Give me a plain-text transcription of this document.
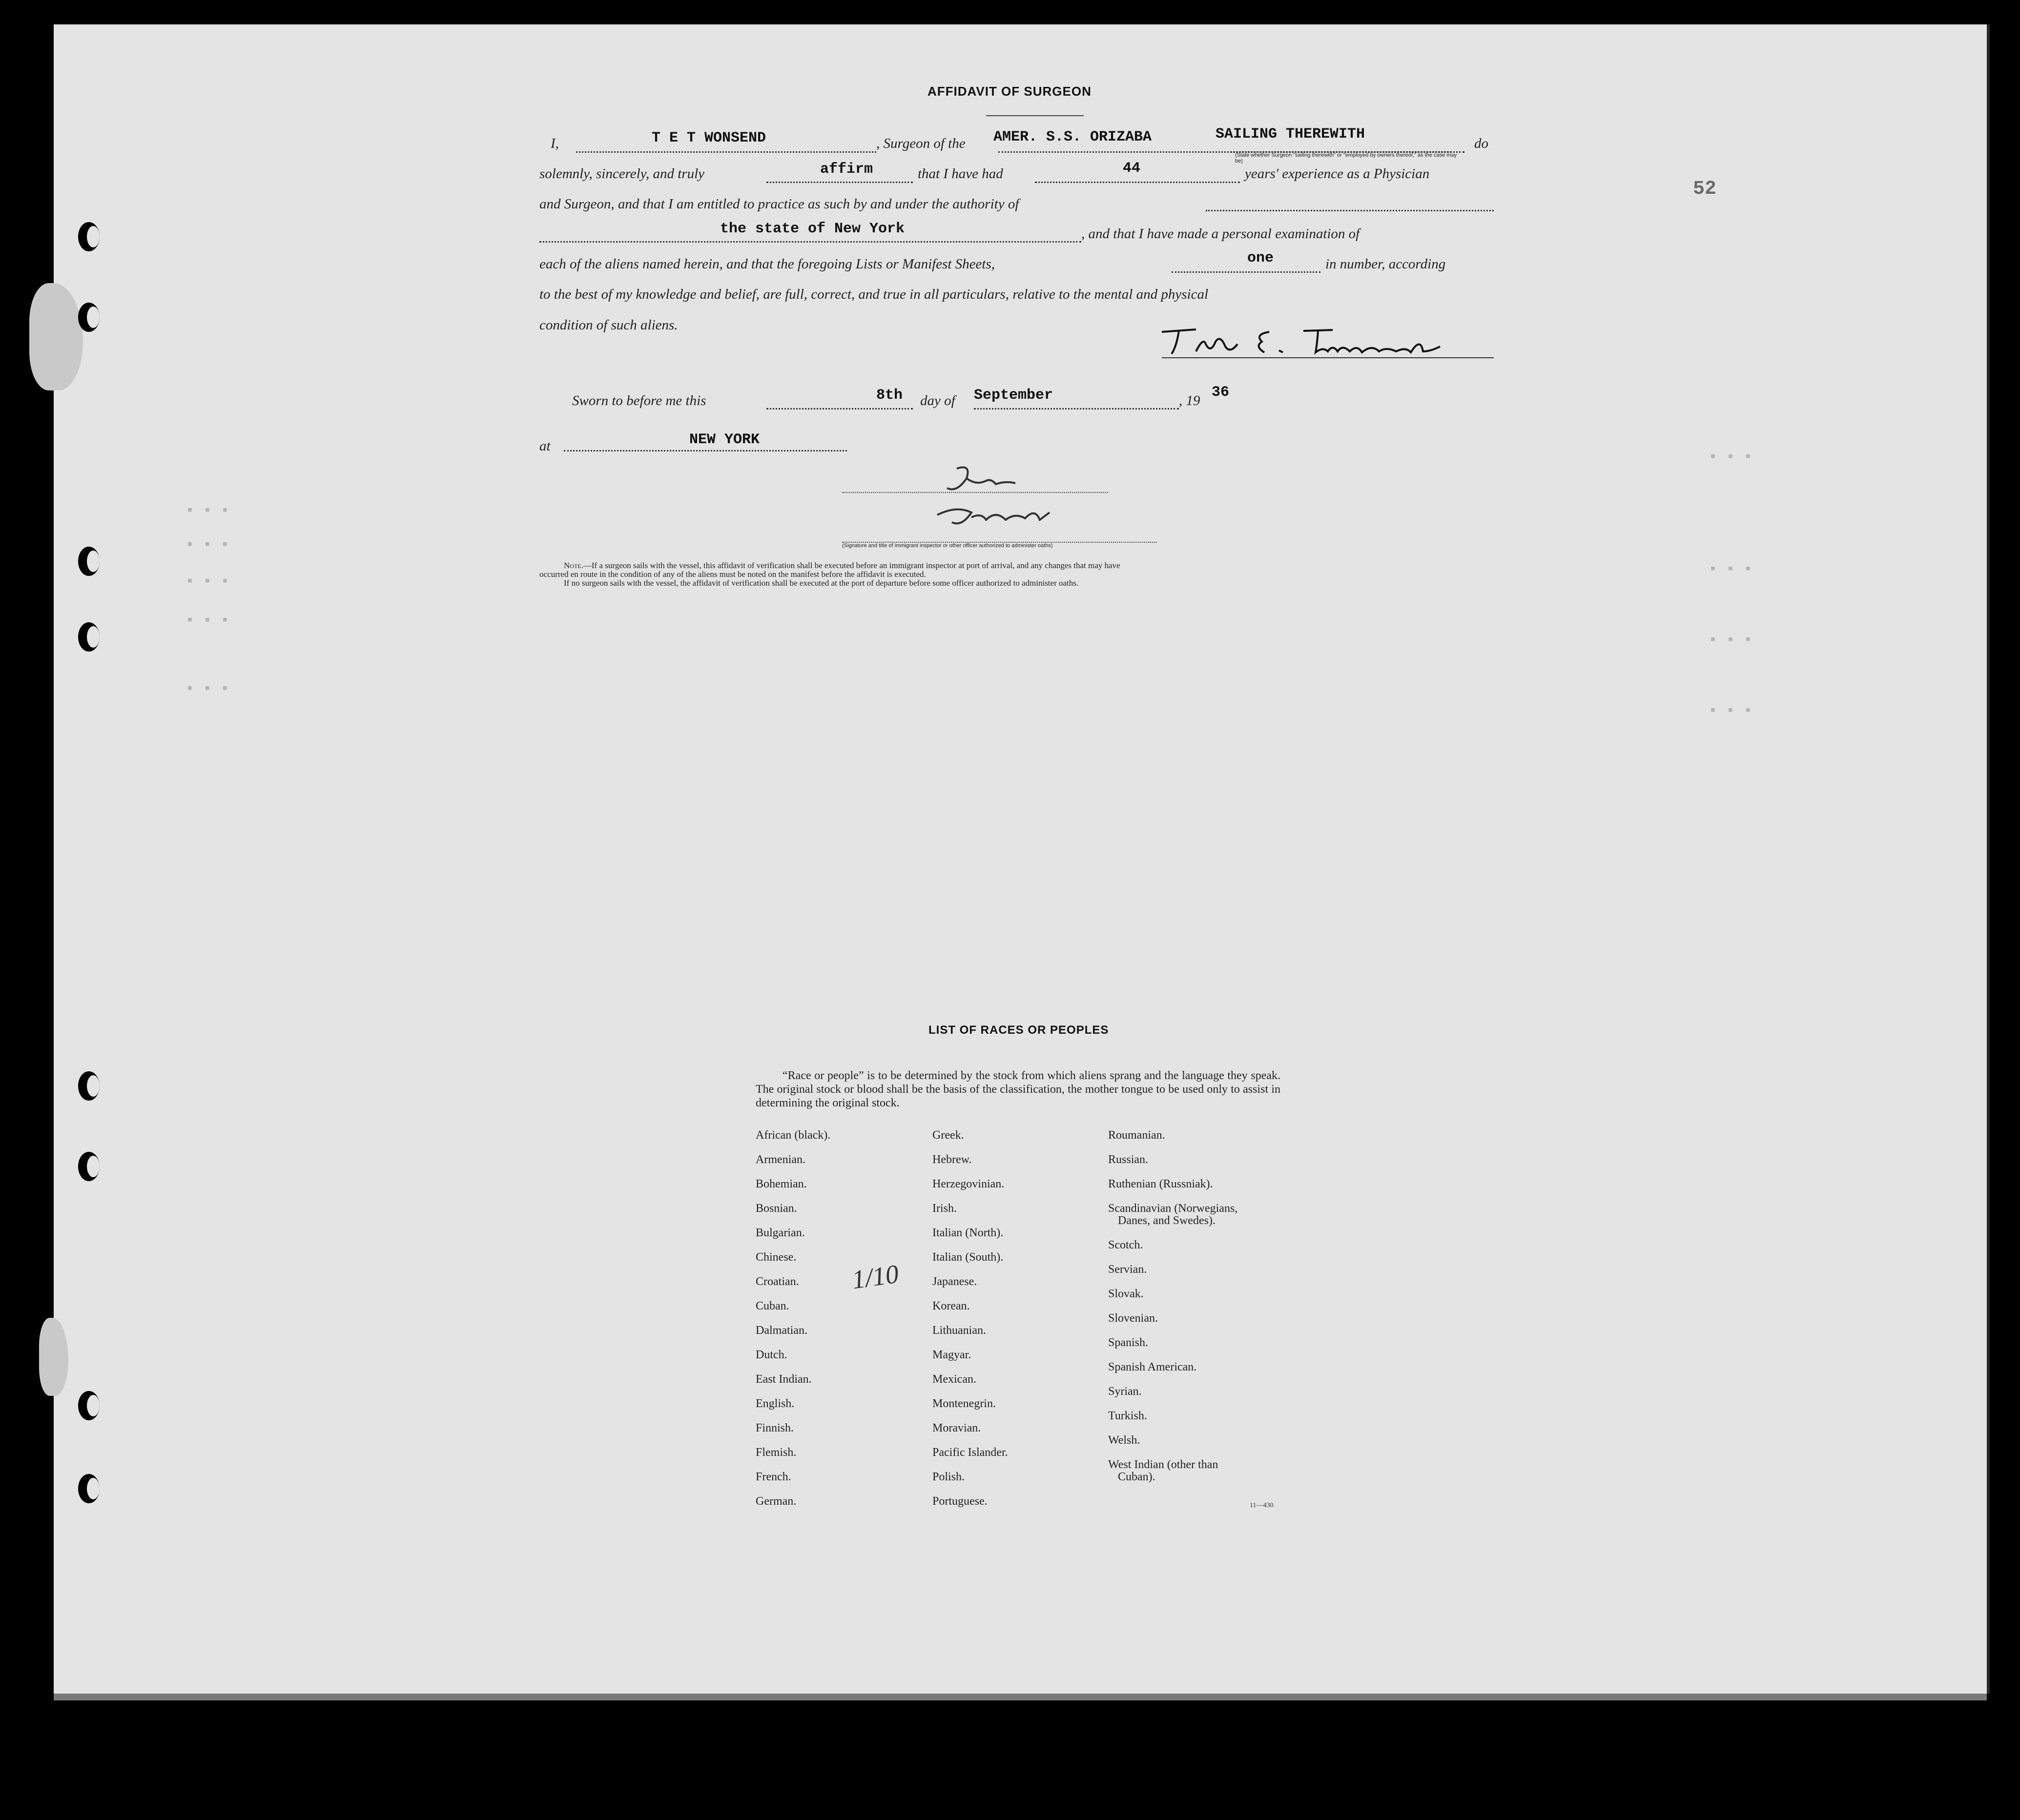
▪ ▪ ▪
▪ ▪ ▪
▪ ▪ ▪
▪ ▪ ▪
▪ ▪ ▪
▪ ▪ ▪
▪ ▪ ▪
▪ ▪ ▪
▪ ▪ ▪
52
AFFIDAVIT OF SURGEON
I,	T E T WONSEND	, Surgeon of the AMER. S.S. ORIZABA	SAILING THEREWITH
(State whether Surgeon "sailing therewith" or "employed by owners thereof," as the case may be)
do
solemnly, sincerely, and truly	affirm	that I have had	44	years' experience as a Physician
and Surgeon, and that I am entitled to practice as such by and under the authority of
the state of New York	, and that I have made a personal examination of
each of the aliens named herein, and that the foregoing Lists or Manifest Sheets,	one	in number, according
to the best of my knowledge and belief, are full, correct, and true in all particulars, relative to the mental and physical
condition of such aliens.
Sworn to before me this	8th day of September	, 19 36
at	NEW YORK
(Signature and title of immigrant inspector or other officer authorized to administer oaths)
Note.—If a surgeon sails with the vessel, this affidavit of verification shall be executed before an immigrant inspector at port of arrival, and any changes that may have
occurred en route in the condition of any of the aliens must be noted on the manifest before the affidavit is executed.
If no surgeon sails with the vessel, the affidavit of verification shall be executed at the port of departure before some officer authorized to administer oaths.
LIST OF RACES OR PEOPLES
“Race or people” is to be determined by the stock from which aliens sprang and the language they speak. The original stock or blood shall be the basis of the classification, the mother tongue to be used only to assist in determining the original stock.
African (black).
Armenian.
Bohemian.
Bosnian.
Bulgarian.
Chinese.
Croatian.
Cuban.
Dalmatian.
Dutch.
East Indian.
English.
Finnish.
Flemish.
French.
German.
Greek.
Hebrew.
Herzegovinian.
Irish.
Italian (North).
Italian (South).
Japanese.
Korean.
Lithuanian.
Magyar.
Mexican.
Montenegrin.
Moravian.
Pacific Islander.
Polish.
Portuguese.
Roumanian.
Russian.
Ruthenian (Russniak).
Scandinavian (Norwegians,
Danes, and Swedes).
Scotch.
Servian.
Slovak.
Slovenian.
Spanish.
Spanish American.
Syrian.
Turkish.
Welsh.
West Indian (other than
Cuban).
11—430
1/10
